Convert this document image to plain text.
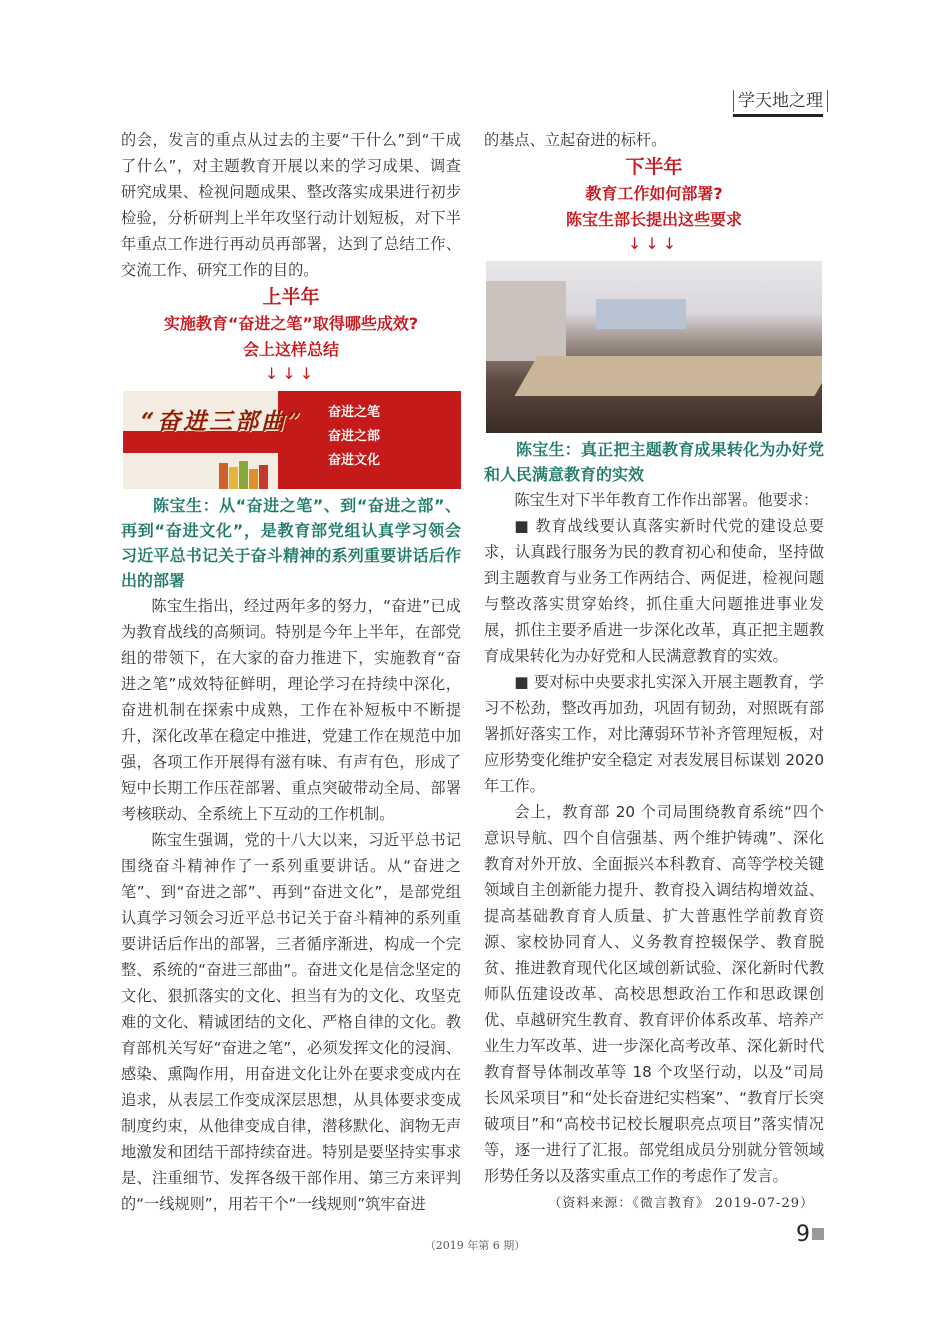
学天地之理

的会，发言的重点从过去的主要“干什么”到“干成了什么”，对主题教育开展以来的学习成果、调查研究成果、检视问题成果、整改落实成果进行初步检验，分析研判上半年攻坚行动计划短板，对下半年重点工作进行再动员再部署，达到了总结工作、交流工作、研究工作的目的。

上半年
实施教育“奋进之笔”取得哪些成效?
会上这样总结
↓↓↓
“奋进三部曲” 奋进之笔
奋进之部
奋进文化

陈宝生：从“奋进之笔”、到“奋进之部”、再到“奋进文化”，是教育部党组认真学习领会习近平总书记关于奋斗精神的系列重要讲话后作出的部署

陈宝生指出，经过两年多的努力，“奋进”已成为教育战线的高频词。特别是今年上半年，在部党组的带领下，在大家的奋力推进下，实施教育“奋进之笔”成效特征鲜明，理论学习在持续中深化，奋进机制在探索中成熟，工作在补短板中不断提升，深化改革在稳定中推进，党建工作在规范中加强，各项工作开展得有滋有味、有声有色，形成了短中长期工作压茬部署、重点突破带动全局、部署考核联动、全系统上下互动的工作机制。

陈宝生强调，党的十八大以来，习近平总书记围绕奋斗精神作了一系列重要讲话。从“奋进之笔”、到“奋进之部”、再到“奋进文化”，是部党组认真学习领会习近平总书记关于奋斗精神的系列重要讲话后作出的部署，三者循序渐进，构成一个完整、系统的“奋进三部曲”。奋进文化是信念坚定的文化、狠抓落实的文化、担当有为的文化、攻坚克难的文化、精诚团结的文化、严格自律的文化。教育部机关写好“奋进之笔”，必须发挥文化的浸润、感染、熏陶作用，用奋进文化让外在要求变成内在追求，从表层工作变成深层思想，从具体要求变成制度约束，从他律变成自律，潜移默化、润物无声地激发和团结干部持续奋进。特别是要坚持实事求是、注重细节、发挥各级干部作用、第三方来评判的“一线规则”，用若干个“一线规则”筑牢奋进

的基点、立起奋进的标杆。

下半年
教育工作如何部署?
陈宝生部长提出这些要求
↓↓↓

陈宝生：真正把主题教育成果转化为办好党和人民满意教育的实效

陈宝生对下半年教育工作作出部署。他要求：

■ 教育战线要认真落实新时代党的建设总要求，认真践行服务为民的教育初心和使命，坚持做到主题教育与业务工作两结合、两促进，检视问题与整改落实贯穿始终，抓住重大问题推进事业发展，抓住主要矛盾进一步深化改革，真正把主题教育成果转化为办好党和人民满意教育的实效。

■ 要对标中央要求扎实深入开展主题教育，学习不松劲，整改再加劲，巩固有韧劲，对照既有部署抓好落实工作，对比薄弱环节补齐管理短板，对应形势变化维护安全稳定 对表发展目标谋划 2020 年工作。

会上，教育部 20 个司局围绕教育系统“四个意识导航、四个自信强基、两个维护铸魂”、深化教育对外开放、全面振兴本科教育、高等学校关键领域自主创新能力提升、教育投入调结构增效益、提高基础教育育人质量、扩大普惠性学前教育资源、家校协同育人、义务教育控辍保学、教育脱贫、推进教育现代化区域创新试验、深化新时代教师队伍建设改革、高校思想政治工作和思政课创优、卓越研究生教育、教育评价体系改革、培养产业生力军改革、进一步深化高考改革、深化新时代教育督导体制改革等 18 个攻坚行动，以及“司局长风采项目”和“处长奋进纪实档案”、“教育厅长突破项目”和“高校书记校长履职亮点项目”落实情况等，逐一进行了汇报。部党组成员分别就分管领域形势任务以及落实重点工作的考虑作了发言。

（资料来源：《微言教育》 2019-07-29）
（2019 年第 6 期）	9
